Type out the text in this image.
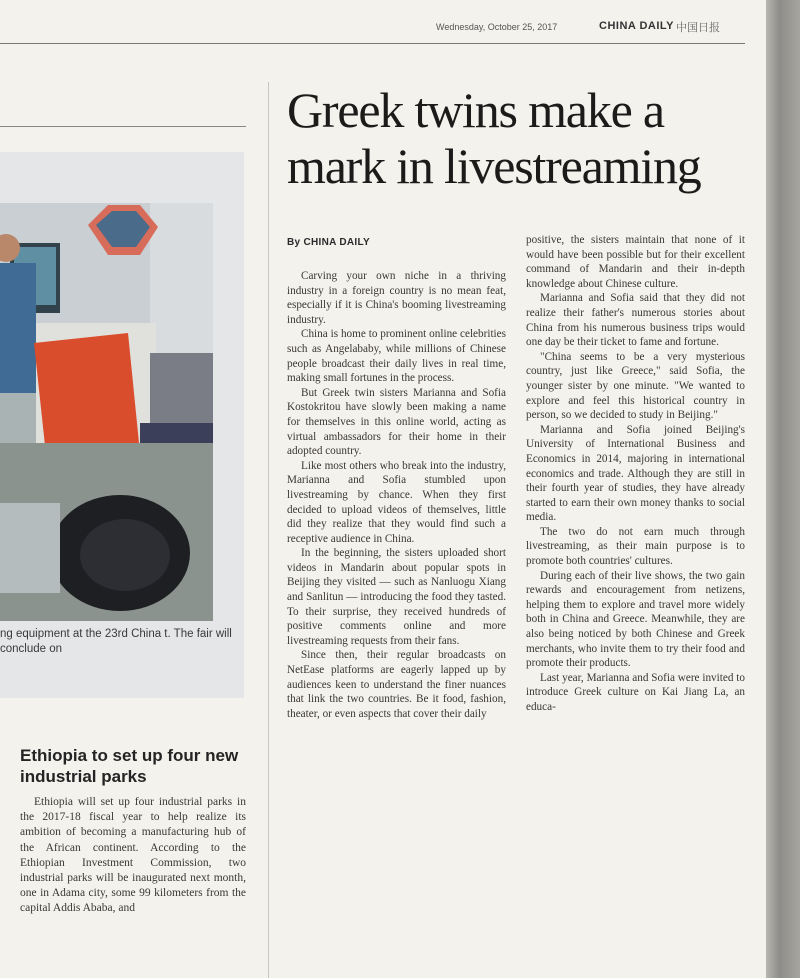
Wednesday, October 25, 2017	CHINA DAILY 中国日报
ng equipment at the 23rd China t. The fair will conclude on
Ethiopia to set up four new industrial parks

Ethiopia will set up four industrial parks in the 2017-18 fiscal year to help realize its ambition of becoming a manufacturing hub of the African continent. According to the Ethiopian Investment Commission, two industrial parks will be inaugurated next month, one in Adama city, some 99 kilometers from the capital Addis Ababa, and

Greek twins make a mark in livestreaming
By CHINA DAILY

Carving your own niche in a thriving industry in a foreign country is no mean feat, especially if it is China's booming livestreaming industry.

China is home to prominent online celebrities such as Angelababy, while millions of Chinese people broadcast their daily lives in real time, making small fortunes in the process.

But Greek twin sisters Marianna and Sofia Kostokritou have slowly been making a name for themselves in this online world, acting as virtual ambassadors for their home in their adopted country.

Like most others who break into the industry, Marianna and Sofia stumbled upon livestreaming by chance. When they first decided to upload videos of themselves, little did they realize that they would find such a receptive audience in China.

In the beginning, the sisters uploaded short videos in Mandarin about popular spots in Beijing they visited — such as Nanluogu Xiang and Sanlitun — introducing the food they tasted. To their surprise, they received hundreds of positive comments online and more livestreaming requests from their fans.

Since then, their regular broadcasts on NetEase platforms are eagerly lapped up by audiences keen to understand the finer nuances that link the two countries. Be it food, fashion, theater, or even aspects that cover their daily

positive, the sisters maintain that none of it would have been possible but for their excellent command of Mandarin and their in-depth knowledge about Chinese culture.

Marianna and Sofia said that they did not realize their father's numerous stories about China from his numerous business trips would one day be their ticket to fame and fortune.

"China seems to be a very mysterious country, just like Greece," said Sofia, the younger sister by one minute. "We wanted to explore and feel this historical country in person, so we decided to study in Beijing."

Marianna and Sofia joined Beijing's University of International Business and Economics in 2014, majoring in international economics and trade. Although they are still in their fourth year of studies, they have already started to earn their own money thanks to social media.

The two do not earn much through livestreaming, as their main purpose is to promote both countries' cultures.

During each of their live shows, the two gain rewards and encouragement from netizens, helping them to explore and travel more widely both in China and Greece. Meanwhile, they are also being noticed by both Chinese and Greek merchants, who invite them to try their food and promote their products.

Last year, Marianna and Sofia were invited to introduce Greek culture on Kai Jiang La, an educa-
